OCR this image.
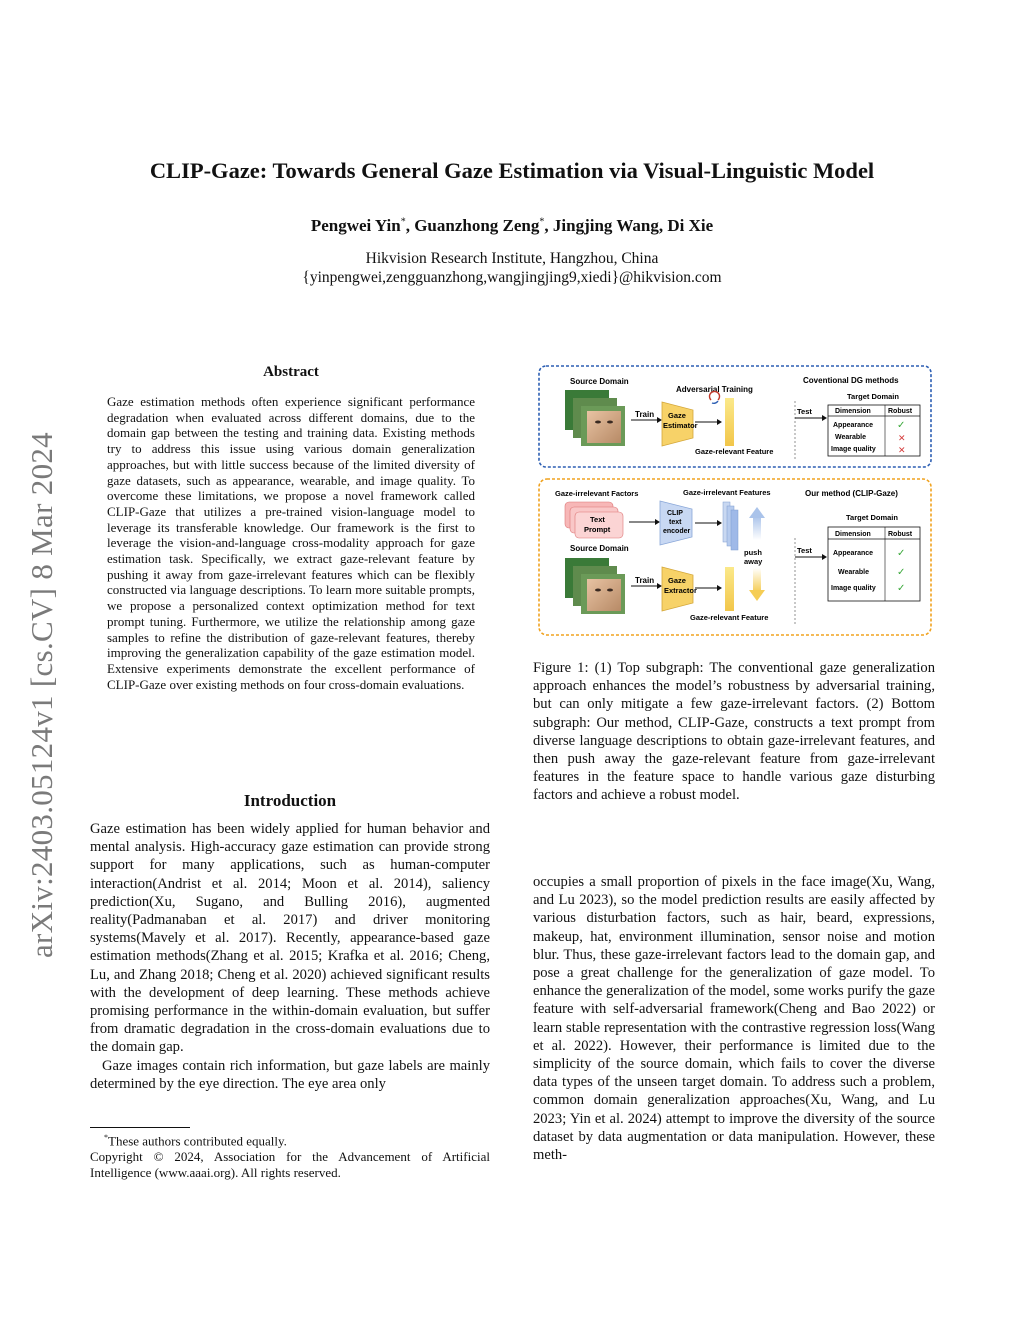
arXiv:2403.05124v1 [cs.CV] 8 Mar 2024
CLIP-Gaze: Towards General Gaze Estimation via Visual-Linguistic Model
Pengwei Yin*, Guanzhong Zeng*, Jingjing Wang, Di Xie
Hikvision Research Institute, Hangzhou, China
{yinpengwei,zengguanzhong,wangjingjing9,xiedi}@hikvision.com
Abstract
Gaze estimation methods often experience significant performance degradation when evaluated across different domains, due to the domain gap between the testing and training data. Existing methods try to address this issue using various domain generalization approaches, but with little success because of the limited diversity of gaze datasets, such as appearance, wearable, and image quality. To overcome these limitations, we propose a novel framework called CLIP-Gaze that utilizes a pre-trained vision-language model to leverage its transferable knowledge. Our framework is the first to leverage the vision-and-language cross-modality approach for gaze estimation task. Specifically, we extract gaze-relevant feature by pushing it away from gaze-irrelevant features which can be flexibly constructed via language descriptions. To learn more suitable prompts, we propose a personalized context optimization method for text prompt tuning. Furthermore, we utilize the relationship among gaze samples to refine the distribution of gaze-relevant features, thereby improving the generalization capability of the gaze estimation model. Extensive experiments demonstrate the excellent performance of CLIP-Gaze over existing methods on four cross-domain evaluations.
Introduction

Gaze estimation has been widely applied for human behavior and mental analysis. High-accuracy gaze estimation can provide strong support for many applications, such as human-computer interaction(Andrist et al. 2014; Moon et al. 2014), saliency prediction(Xu, Sugano, and Bulling 2016), augmented reality(Padmanaban et al. 2017) and driver monitoring systems(Mavely et al. 2017). Recently, appearance-based gaze estimation methods(Zhang et al. 2015; Krafka et al. 2016; Cheng, Lu, and Zhang 2018; Cheng et al. 2020) achieved significant results with the development of deep learning. These methods achieve promising performance in the within-domain evaluation, but suffer from dramatic degradation in the cross-domain evaluations due to the domain gap.

Gaze images contain rich information, but gaze labels are mainly determined by the eye direction. The eye area only

*These authors contributed equally.
Copyright © 2024, Association for the Advancement of Artificial Intelligence (www.aaai.org). All rights reserved.
Source Domain
Train
Adversarial Training
Gaze
Estimator
Gaze-relevant Feature
Test
Coventional DG methods
Target Domain
Dimension Robust
Appearance ✓
Wearable	✕
Image quality ✕
Gaze-irrelevant Factors
Text
Prompt
CLIP
text
encoder
Gaze-irrelevant Features
push
away
Source Domain
Train Gaze
Extractor
Gaze-relevant Feature
Test
Our method (CLIP-Gaze)
Target Domain
Dimension Robust
Appearance ✓
Wearable	✓
Image quality ✓
Figure 1: (1) Top subgraph: The conventional gaze generalization approach enhances the model’s robustness by adversarial training, but can only mitigate a few gaze-irrelevant factors. (2) Bottom subgraph: Our method, CLIP-Gaze, constructs a text prompt from diverse language descriptions to obtain gaze-irrelevant features, and then push away the gaze-relevant feature from gaze-irrelevant features in the feature space to handle various gaze disturbing factors and achieve a robust model.
occupies a small proportion of pixels in the face image(Xu, Wang, and Lu 2023), so the model prediction results are easily affected by various disturbation factors, such as hair, beard, expressions, makeup, hat, environment illumination, sensor noise and motion blur. Thus, these gaze-irrelevant factors lead to the domain gap, and pose a great challenge for the generalization of gaze model. To enhance the generalization of the model, some works purify the gaze feature with self-adversarial framework(Cheng and Bao 2022) or learn stable representation with the contrastive regression loss(Wang et al. 2022). However, their performance is limited due to the simplicity of the source domain, which fails to cover the diverse data types of the unseen target domain. To address such a problem, common domain generalization approaches(Xu, Wang, and Lu 2023; Yin et al. 2024) attempt to improve the diversity of the source dataset by data augmentation or data manipulation. However, these meth-
